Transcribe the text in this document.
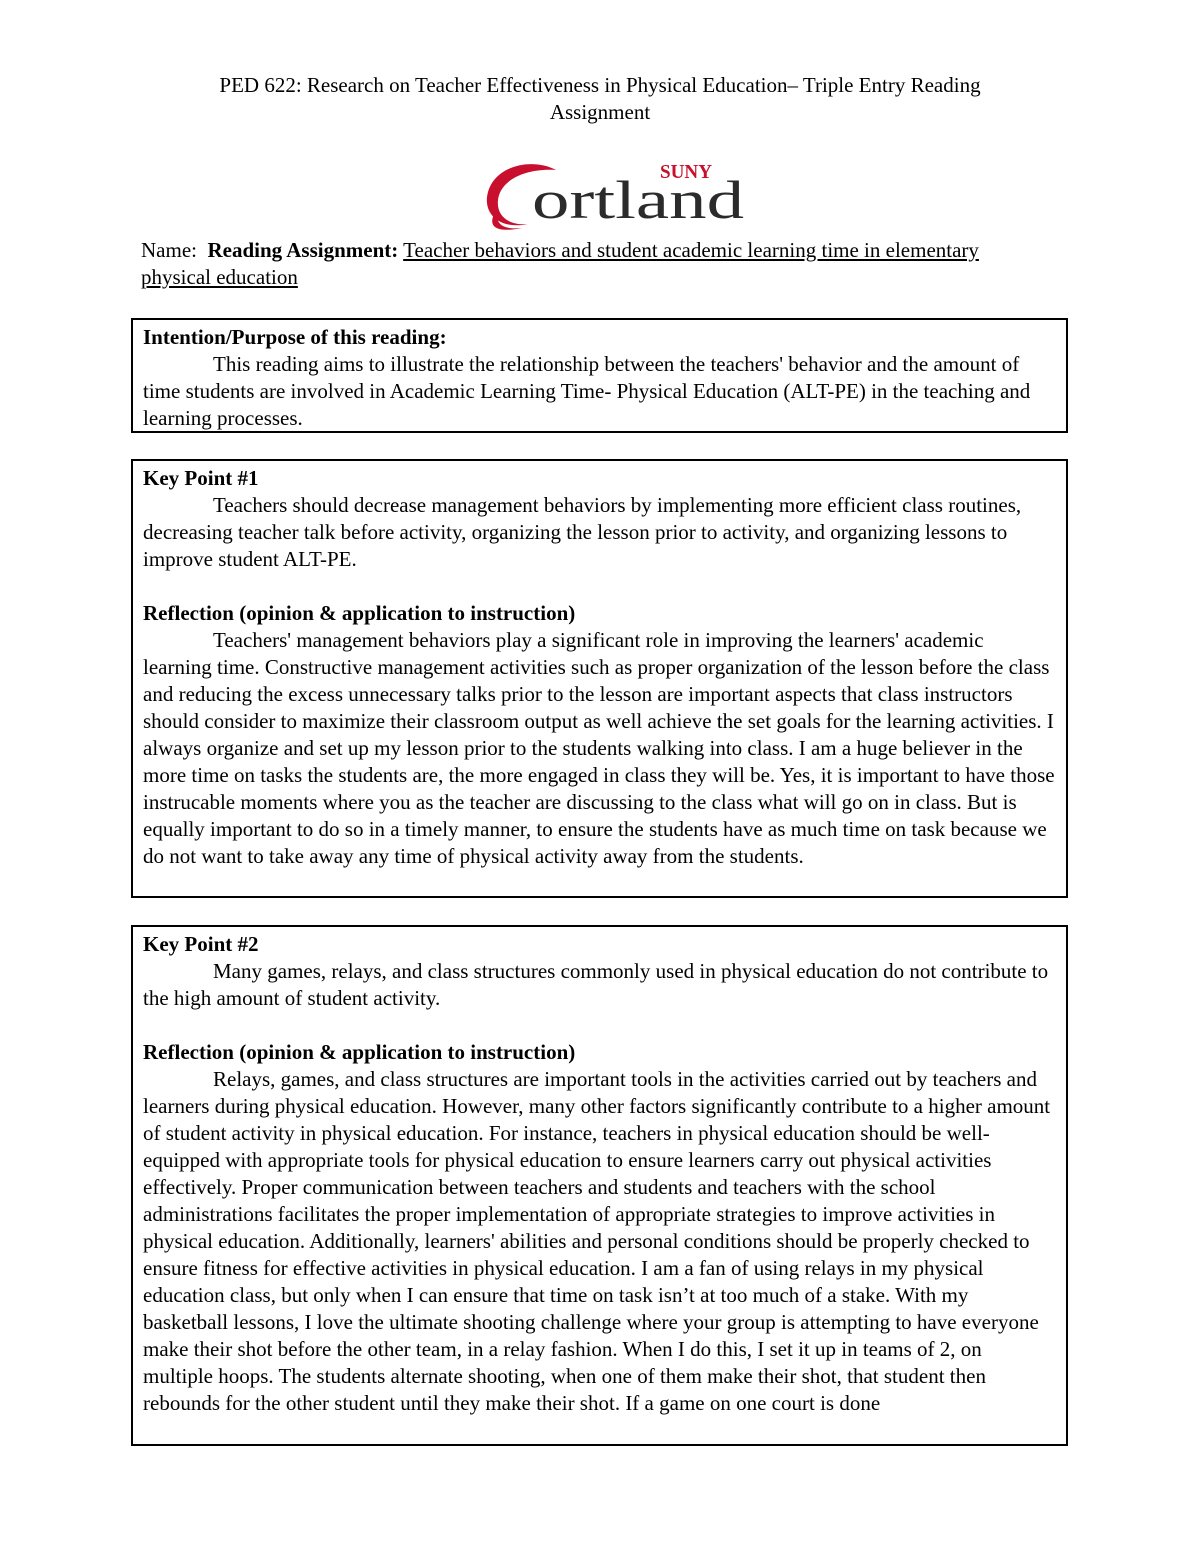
PED 622: Research on Teacher Effectiveness in Physical Education– Triple Entry Reading
Assignment
ortland
SUNY
Name: Reading Assignment: Teacher behaviors and student academic learning time in elementary physical education
Intention/Purpose of this reading:

This reading aims to illustrate the relationship between the teachers' behavior and the amount of time students are involved in Academic Learning Time- Physical Education (ALT-PE) in the teaching and learning processes.

Key Point #1

Teachers should decrease management behaviors by implementing more efficient class routines, decreasing teacher talk before activity, organizing the lesson prior to activity, and organizing lessons to improve student ALT-PE.

Reflection (opinion & application to instruction)

Teachers' management behaviors play a significant role in improving the learners' academic learning time. Constructive management activities such as proper organization of the lesson before the class and reducing the excess unnecessary talks prior to the lesson are important aspects that class instructors should consider to maximize their classroom output as well achieve the set goals for the learning activities. I always organize and set up my lesson prior to the students walking into class. I am a huge believer in the more time on tasks the students are, the more engaged in class they will be. Yes, it is important to have those instrucable moments where you as the teacher are discussing to the class what will go on in class. But is equally important to do so in a timely manner, to ensure the students have as much time on task because we do not want to take away any time of physical activity away from the students.

Key Point #2

Many games, relays, and class structures commonly used in physical education do not contribute to the high amount of student activity.

Reflection (opinion & application to instruction)

Relays, games, and class structures are important tools in the activities carried out by teachers and learners during physical education. However, many other factors significantly contribute to a higher amount of student activity in physical education. For instance, teachers in physical education should be well-equipped with appropriate tools for physical education to ensure learners carry out physical activities effectively. Proper communication between teachers and students and teachers with the school administrations facilitates the proper implementation of appropriate strategies to improve activities in physical education. Additionally, learners' abilities and personal conditions should be properly checked to ensure fitness for effective activities in physical education. I am a fan of using relays in my physical education class, but only when I can ensure that time on task isn’t at too much of a stake. With my basketball lessons, I love the ultimate shooting challenge where your group is attempting to have everyone make their shot before the other team, in a relay fashion. When I do this, I set it up in teams of 2, on multiple hoops. The students alternate shooting, when one of them make their shot, that student then rebounds for the other student until they make their shot. If a game on one court is done
